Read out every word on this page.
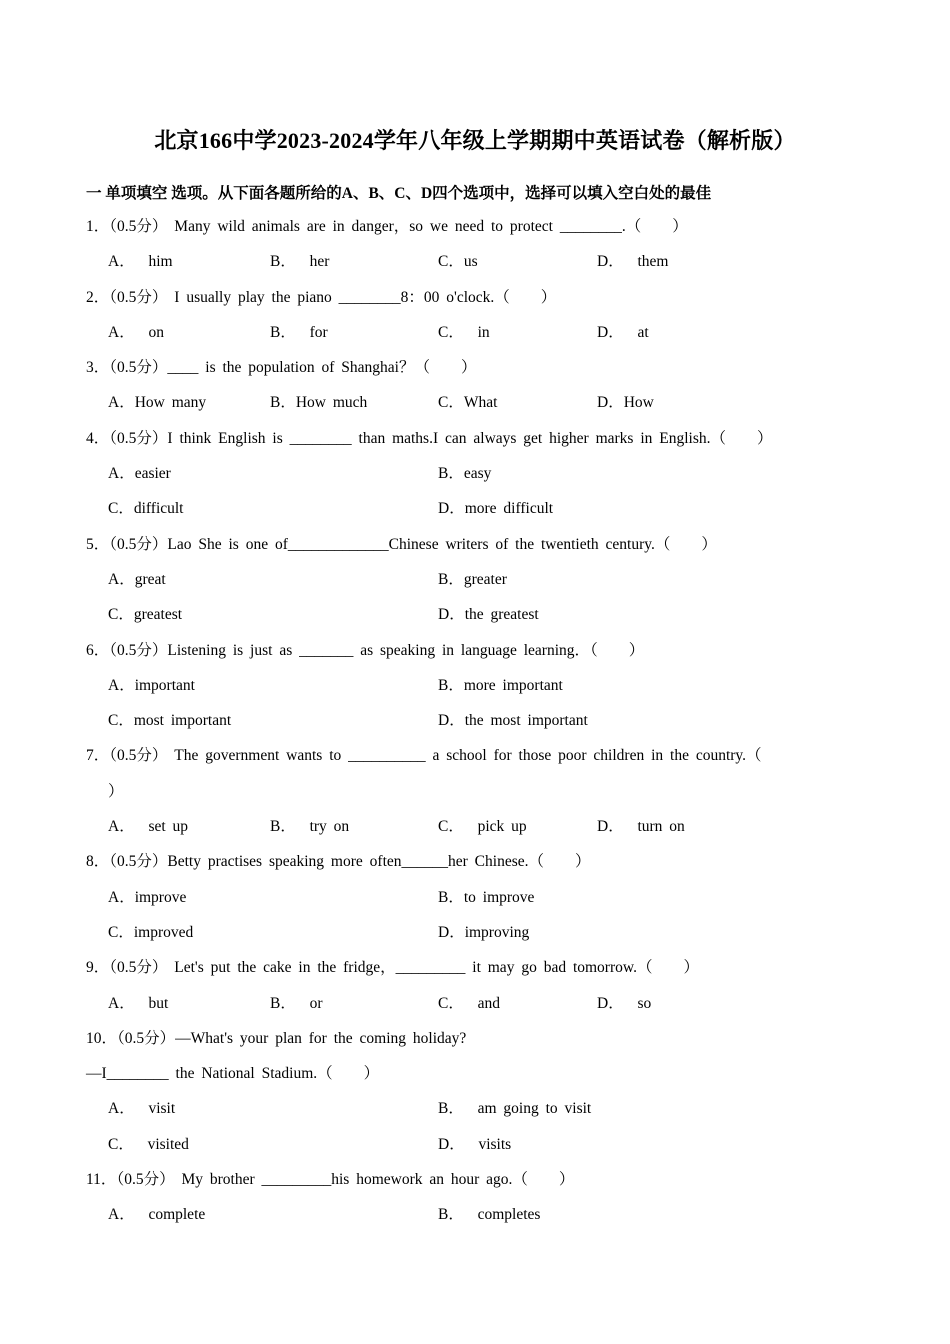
北京166中学2023-2024学年八年级上学期期中英语试卷（解析版）
一 单项填空 选项。从下面各题所给的A、B、C、D四个选项中，选择可以填入空白处的最佳
1．（0.5分） Many wild animals are in danger，so we need to protect ________.（　　）
A．  him	B．  her	C．us	D．  them
2．（0.5分） I usually play the piano ________8：00 o'clock.（　　）
A．  on	B．  for	C．  in	D．  at
3．（0.5分）____ is the population of Shanghai？（　　）
A．How many	B．How much	C．What	D．How
4．（0.5分）I think English is ________ than maths.I can always get higher marks in English.（　　）
A．easier	B．easy
C．difficult	D．more difficult
5．（0.5分）Lao She is one of_____________Chinese writers of the twentieth century.（　　）
A．great	B．greater
C．greatest	D．the greatest
6．（0.5分）Listening is just as _______ as speaking in language learning．（　　）
A．important	B．more important
C．most important	D．the most important
7．（0.5分） The government wants to __________ a school for those poor children in the country.（
）
A．  set up	B．  try on	C．  pick up	D．  turn on
8．（0.5分）Betty practises speaking more often______her Chinese.（　　）
A．improve	B．to improve
C．improved	D．improving
9．（0.5分） Let's put the cake in the fridge，_________ it may go bad tomorrow.（　　）
A．  but	B．  or	C．  and	D．  so
10．（0.5分）—What's your plan for the coming holiday?
—I________ the National Stadium.（　　）
A．  visit	B．  am going to visit
C．  visited	D．  visits
11．（0.5分） My brother _________his homework an hour ago.（　　）
A．  complete	B．  completes
